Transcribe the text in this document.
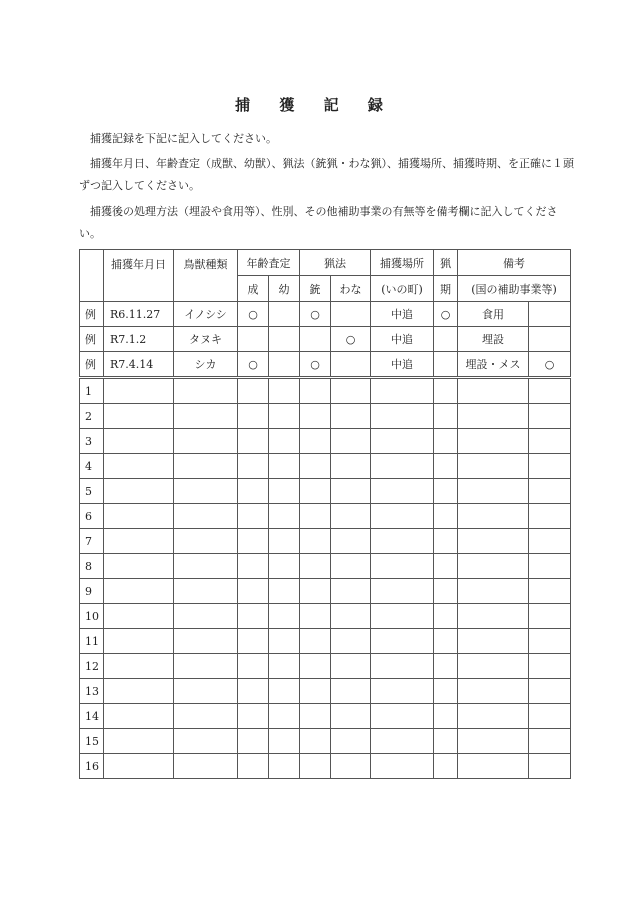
捕 獲 記 録

捕獲記録を下記に記入してください。

捕獲年月日、年齢査定（成獣、幼獣）、猟法（銃猟・わな猟）、捕獲場所、捕獲時期、を正確に１頭ずつ記入してください。

捕獲後の処理方法（埋設や食用等）、性別、その他補助事業の有無等を備考欄に記入してください。

	捕獲年月日	鳥獣種類	年齢査定		猟法		捕獲場所	猟	備考	
			成	幼	銃	わな	(いの町)	期	(国の補助事業等)	
例	R6.11.27	イノシシ	○		○		中追	○	食用	
例	R7.1.2	タヌキ				○	中追		埋設	
例	R7.4.14	シカ	○		○		中追		埋設・メス	○
1										
2										
3										
4										
5										
6										
7										
8										
9										
10										
11										
12										
13										
14										
15										
16										
